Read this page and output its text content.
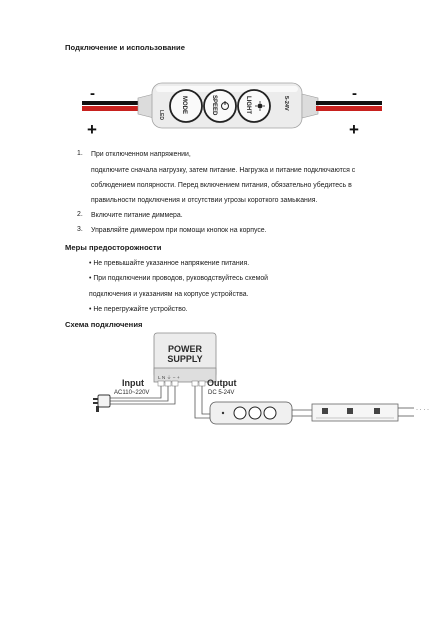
Подключение и использование
LED
MODE	SPEED	LIGHT	5-24V
-
+
-
+
1. При отключенном напряжении,
подключите сначала нагрузку, затем питание. Нагрузка и питание подключаются с
соблюдением полярности. Перед включением питания, обязательно убедитесь в
правильности подключения и отсутствии угрозы короткого замыкания.
2. Включите питание диммера.
3. Управляйте диммером при помощи кнопок на корпусе.
Меры предосторожности
• Не превышайте указанное напряжение питания.
• При подключении проводов, руководствуйтесь схемой
подключения и указаниям на корпусе устройства.
• Не перегружайте устройство.
Схема подключения
POWER
SUPPLY
L N ⏚ − +
Input
AC110~220V
Output
DC 5-24V
· · · ·
